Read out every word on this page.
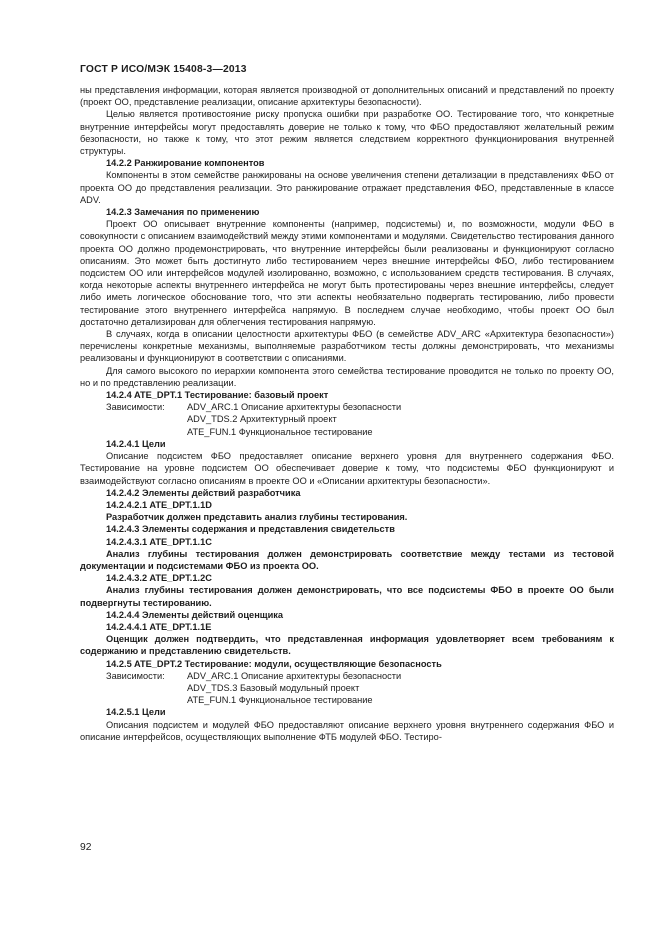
ГОСТ Р ИСО/МЭК 15408-3—2013

ны представления информации, которая является производной от дополнительных описаний и представлений по проекту (проект ОО, представление реализации, описание архитектуры безопасности).

Целью является противостояние риску пропуска ошибки при разработке ОО. Тестирование того, что конкретные внутренние интерфейсы могут предоставлять доверие не только к тому, что ФБО предоставляют желательный режим безопасности, но также к тому, что этот режим является следствием корректного функционирования внутренней структуры.

14.2.2 Ранжирование компонентов

Компоненты в этом семействе ранжированы на основе увеличения степени детализации в представлениях ФБО от проекта ОО до представления реализации. Это ранжирование отражает представления ФБО, представленные в классе ADV.

14.2.3 Замечания по применению

Проект ОО описывает внутренние компоненты (например, подсистемы) и, по возможности, модули ФБО в совокупности с описанием взаимодействий между этими компонентами и модулями. Свидетельство тестирования данного проекта ОО должно продемонстрировать, что внутренние интерфейсы были реализованы и функционируют согласно описаниям. Это может быть достигнуто либо тестированием через внешние интерфейсы ФБО, либо тестированием подсистем ОО или интерфейсов модулей изолированно, возможно, с использованием средств тестирования. В случаях, когда некоторые аспекты внутреннего интерфейса не могут быть протестированы через внешние интерфейсы, следует либо иметь логическое обоснование того, что эти аспекты необязательно подвергать тестированию, либо провести тестирование этого внутреннего интерфейса напрямую. В последнем случае необходимо, чтобы проект ОО был достаточно детализирован для облегчения тестирования напрямую.

В случаях, когда в описании целостности архитектуры ФБО (в семействе ADV_ARC «Архитектура безопасности») перечислены конкретные механизмы, выполняемые разработчиком тесты должны демонстрировать, что механизмы реализованы и функционируют в соответствии с описаниями.

Для самого высокого по иерархии компонента этого семейства тестирование проводится не только по проекту ОО, но и по представлению реализации.

14.2.4 ATE_DPT.1 Тестирование: базовый проект

Зависимости:	ADV_ARC.1 Описание архитектуры безопасности
ADV_TDS.2 Архитектурный проект
ATE_FUN.1 Функциональное тестирование

14.2.4.1 Цели

Описание подсистем ФБО предоставляет описание верхнего уровня для внутреннего содержания ФБО. Тестирование на уровне подсистем ОО обеспечивает доверие к тому, что подсистемы ФБО функционируют и взаимодействуют согласно описаниям в проекте ОО и «Описании архитектуры безопасности».

14.2.4.2 Элементы действий разработчика

14.2.4.2.1 ATE_DPT.1.1D

Разработчик должен представить анализ глубины тестирования.

14.2.4.3 Элементы содержания и представления свидетельств

14.2.4.3.1 ATE_DPT.1.1C

Анализ глубины тестирования должен демонстрировать соответствие между тестами из тестовой документации и подсистемами ФБО из проекта ОО.

14.2.4.3.2 ATE_DPT.1.2C

Анализ глубины тестирования должен демонстрировать, что все подсистемы ФБО в проекте ОО были подвергнуты тестированию.

14.2.4.4 Элементы действий оценщика

14.2.4.4.1 ATE_DPT.1.1E

Оценщик должен подтвердить, что представленная информация удовлетворяет всем требованиям к содержанию и представлению свидетельств.

14.2.5 ATE_DPT.2 Тестирование: модули, осуществляющие безопасность

Зависимости:	ADV_ARC.1 Описание архитектуры безопасности
ADV_TDS.3 Базовый модульный проект
ATE_FUN.1 Функциональное тестирование

14.2.5.1 Цели

Описания подсистем и модулей ФБО предоставляют описание верхнего уровня внутреннего содержания ФБО и описание интерфейсов, осуществляющих выполнение ФТБ модулей ФБО. Тестиро-

92
